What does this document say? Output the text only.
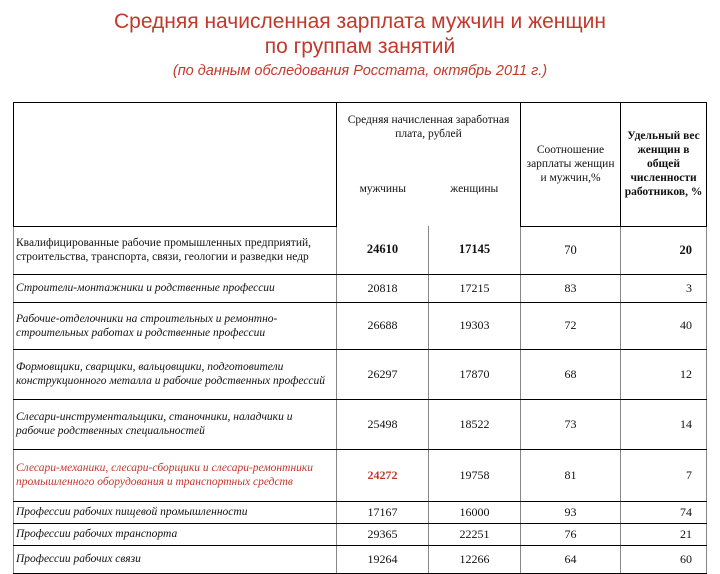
Средняя начисленная зарплата мужчин и женщин
по группам занятий
(по данным обследования Росстата, октябрь 2011 г.)
	Средняя начисленная заработная плата, рублей		Соотношение зарплаты женщин и мужчин,%	Удельный вес женщин в общей численности работников, %
	мужчины	женщины		
Квалифицированные рабочие промышленных предприятий, строительства, транспорта, связи, геологии и разведки недр	24610	17145	70	20
Строители-монтажники и родственные профессии	20818	17215	83	3
Рабочие-отделочники на строительных и ремонтно-строительных работах и родственные профессии	26688	19303	72	40
Формовщики, сварщики, вальцовщики, подготовители конструкционного металла и рабочие родственных профессий	26297	17870	68	12
Слесари-инструментальщики, станочники, наладчики и рабочие родственных специальностей	25498	18522	73	14
Слесари-механики, слесари-сборщики и слесари-ремонтники промышленного оборудования и транспортных средств	24272	19758	81	7
Профессии рабочих пищевой промышленности	17167	16000	93	74
Профессии рабочих транспорта	29365	22251	76	21
Профессии рабочих связи	19264	12266	64	60
